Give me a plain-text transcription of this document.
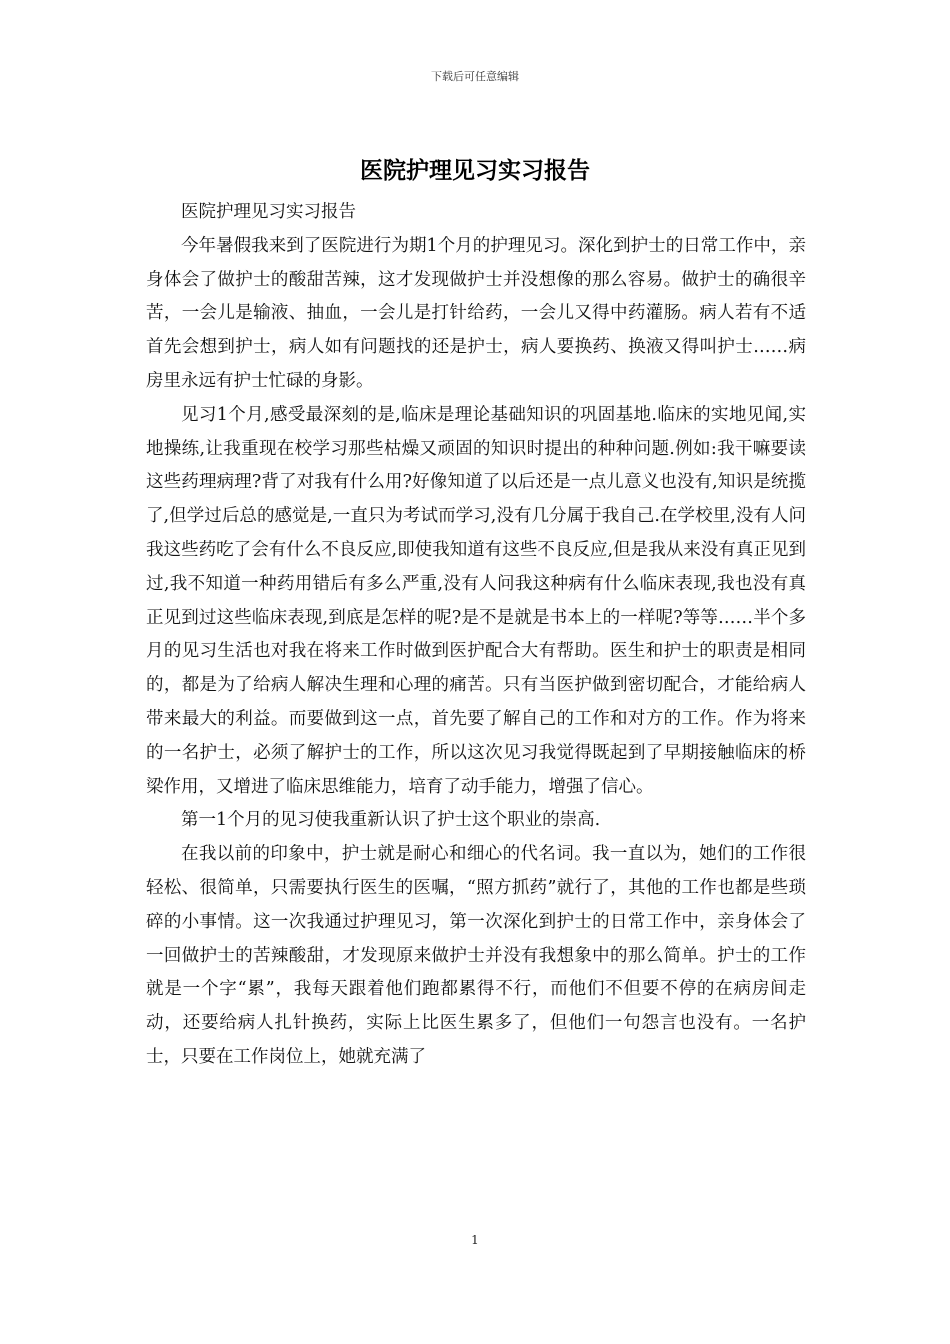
下载后可任意编辑
医院护理见习实习报告

医院护理见习实习报告

今年暑假我来到了医院进行为期1个月的护理见习。深化到护士的日常工作中，亲身体会了做护士的酸甜苦辣，这才发现做护士并没想像的那么容易。做护士的确很辛苦，一会儿是输液、抽血，一会儿是打针给药，一会儿又得中药灌肠。病人若有不适首先会想到护士，病人如有问题找的还是护士，病人要换药、换液又得叫护士……病房里永远有护士忙碌的身影。

见习1个月,感受最深刻的是,临床是理论基础知识的巩固基地.临床的实地见闻,实地操练,让我重现在校学习那些枯燥又顽固的知识时提出的种种问题.例如:我干嘛要读这些药理病理?背了对我有什么用?好像知道了以后还是一点儿意义也没有,知识是统揽了,但学过后总的感觉是,一直只为考试而学习,没有几分属于我自己.在学校里,没有人问我这些药吃了会有什么不良反应,即使我知道有这些不良反应,但是我从来没有真正见到过,我不知道一种药用错后有多么严重,没有人问我这种病有什么临床表现,我也没有真正见到过这些临床表现,到底是怎样的呢?是不是就是书本上的一样呢?等等……半个多月的见习生活也对我在将来工作时做到医护配合大有帮助。医生和护士的职责是相同的，都是为了给病人解决生理和心理的痛苦。只有当医护做到密切配合，才能给病人带来最大的利益。而要做到这一点，首先要了解自己的工作和对方的工作。作为将来的一名护士，必须了解护士的工作，所以这次见习我觉得既起到了早期接触临床的桥梁作用，又增进了临床思维能力，培育了动手能力，增强了信心。

第一1个月的见习使我重新认识了护士这个职业的崇高.

在我以前的印象中，护士就是耐心和细心的代名词。我一直以为，她们的工作很轻松、很简单，只需要执行医生的医嘱，“照方抓药”就行了，其他的工作也都是些琐碎的小事情。这一次我通过护理见习，第一次深化到护士的日常工作中，亲身体会了一回做护士的苦辣酸甜，才发现原来做护士并没有我想象中的那么简单。护士的工作就是一个字“累”，我每天跟着他们跑都累得不行，而他们不但要不停的在病房间走动，还要给病人扎针换药，实际上比医生累多了，但他们一句怨言也没有。一名护士，只要在工作岗位上，她就充满了

1
